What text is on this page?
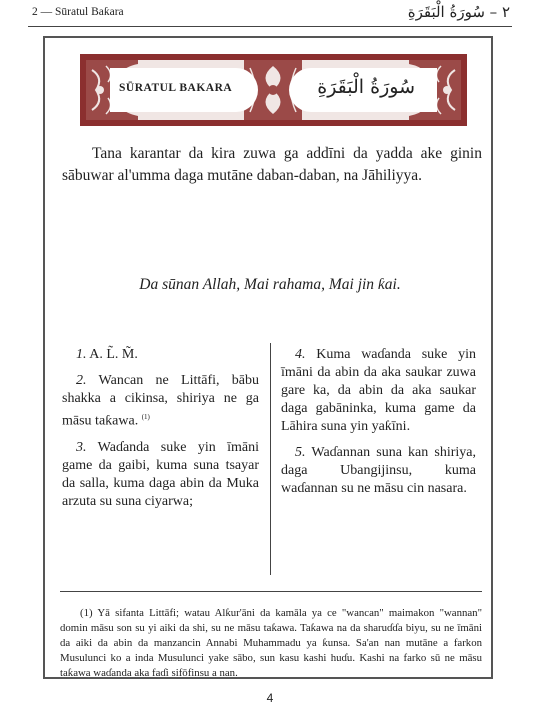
2 — Sūratul Baƙara	٢ – سُورَةُ الْبَقَرَةِ
SŪRATUL BAKARA	سُورَةُ الْبَقَرَةِ
Tana karantar da kira zuwa ga addīni da yadda ake ginin sābuwar al'umma daga mutāne daban-daban, na Jāhiliyya.
Da sūnan Allah, Mai rahama, Mai jin ƙai.

1. A. L̃. M̃.

2. Wancan ne Littāfi, bābu shakka a cikinsa, shiriya ne ga māsu taƙawa. $^{(1)}$

3. Waɗanda suke yin īmāni game da gaibi, kuma suna tsayar da salla, kuma daga abin da Muka arzuta su suna ciyarwa;

4. Kuma waɗanda suke yin īmāni da abin da aka saukar zuwa gare ka, da abin da aka saukar daga gabāninka, kuma game da Lāhira suna yin yaƙīni.

5. Waɗannan suna kan shiriya, daga Ubangijinsu, kuma waɗannan su ne māsu cin nasara.

(1) Yā sifanta Littāfi; watau Alƙur'āni da kamāla ya ce "wancan" maimakon "wannan" domin māsu son su yi aiki da shi, su ne māsu taƙawa. Taƙawa na da sharuɗɗa biyu, su ne īmāni da aiki da abin da manzancin Annabi Muhammadu ya ƙunsa. Sa'an nan mutāne a farkon Musulunci ko a inda Musulunci yake sābo, sun kasu kashi huɗu. Kashi na farko sū ne māsu taƙawa waɗanda aka faɗi sifōfinsu a nan.
4
